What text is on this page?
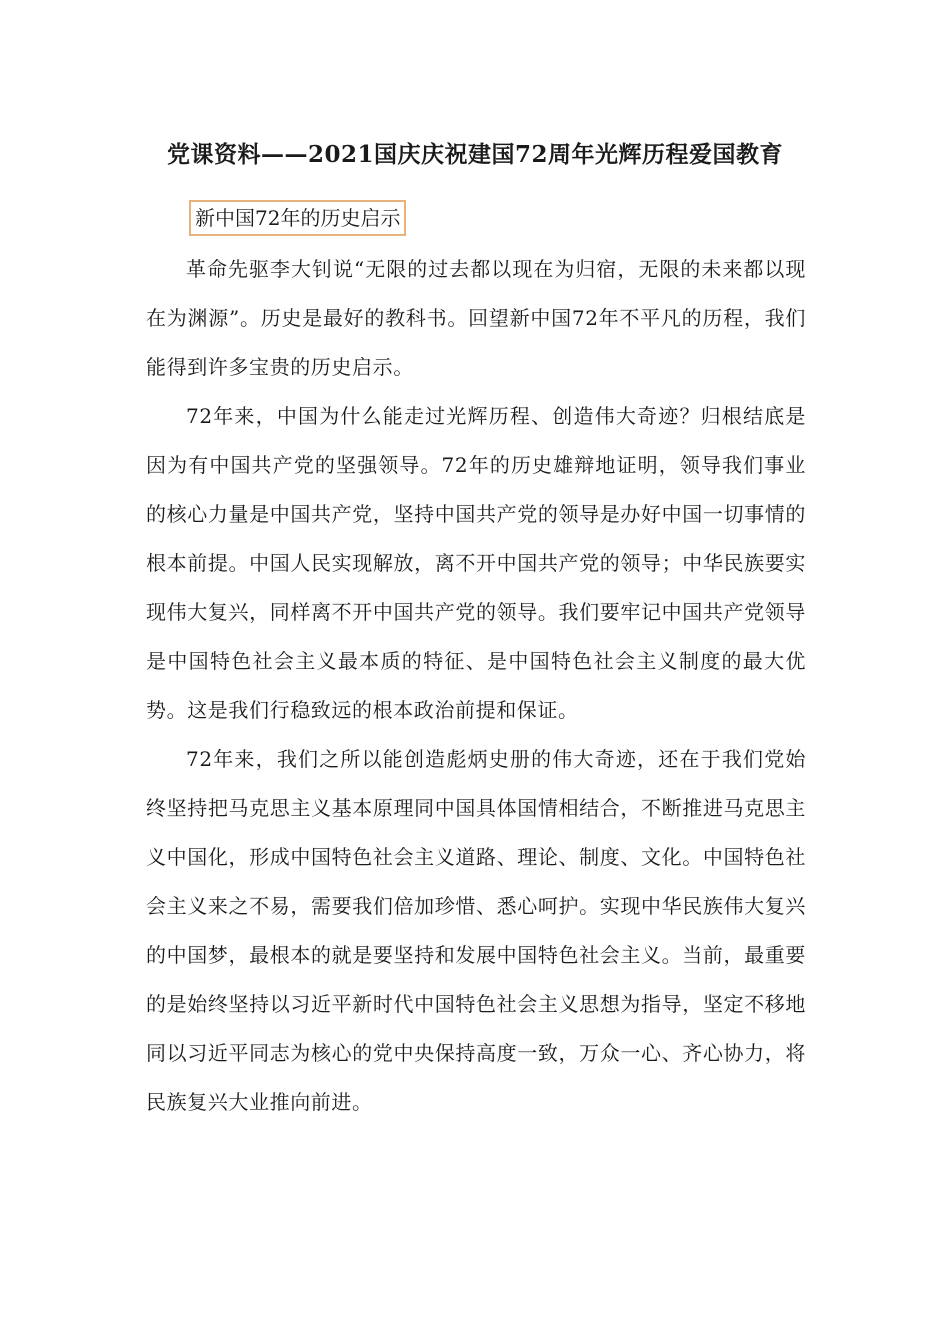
党课资料——2021国庆庆祝建国72周年光辉历程爱国教育
新中国72年的历史启示

革命先驱李大钊说“无限的过去都以现在为归宿，无限的未来都以现在为渊源”。历史是最好的教科书。回望新中国72年不平凡的历程，我们能得到许多宝贵的历史启示。

72年来，中国为什么能走过光辉历程、创造伟大奇迹？归根结底是因为有中国共产党的坚强领导。72年的历史雄辩地证明，领导我们事业的核心力量是中国共产党，坚持中国共产党的领导是办好中国一切事情的根本前提。中国人民实现解放，离不开中国共产党的领导；中华民族要实现伟大复兴，同样离不开中国共产党的领导。我们要牢记中国共产党领导是中国特色社会主义最本质的特征、是中国特色社会主义制度的最大优势。这是我们行稳致远的根本政治前提和保证。

72年来，我们之所以能创造彪炳史册的伟大奇迹，还在于我们党始终坚持把马克思主义基本原理同中国具体国情相结合，不断推进马克思主义中国化，形成中国特色社会主义道路、理论、制度、文化。中国特色社会主义来之不易，需要我们倍加珍惜、悉心呵护。实现中华民族伟大复兴的中国梦，最根本的就是要坚持和发展中国特色社会主义。当前，最重要的是始终坚持以习近平新时代中国特色社会主义思想为指导，坚定不移地同以习近平同志为核心的党中央保持高度一致，万众一心、齐心协力，将民族复兴大业推向前进。
